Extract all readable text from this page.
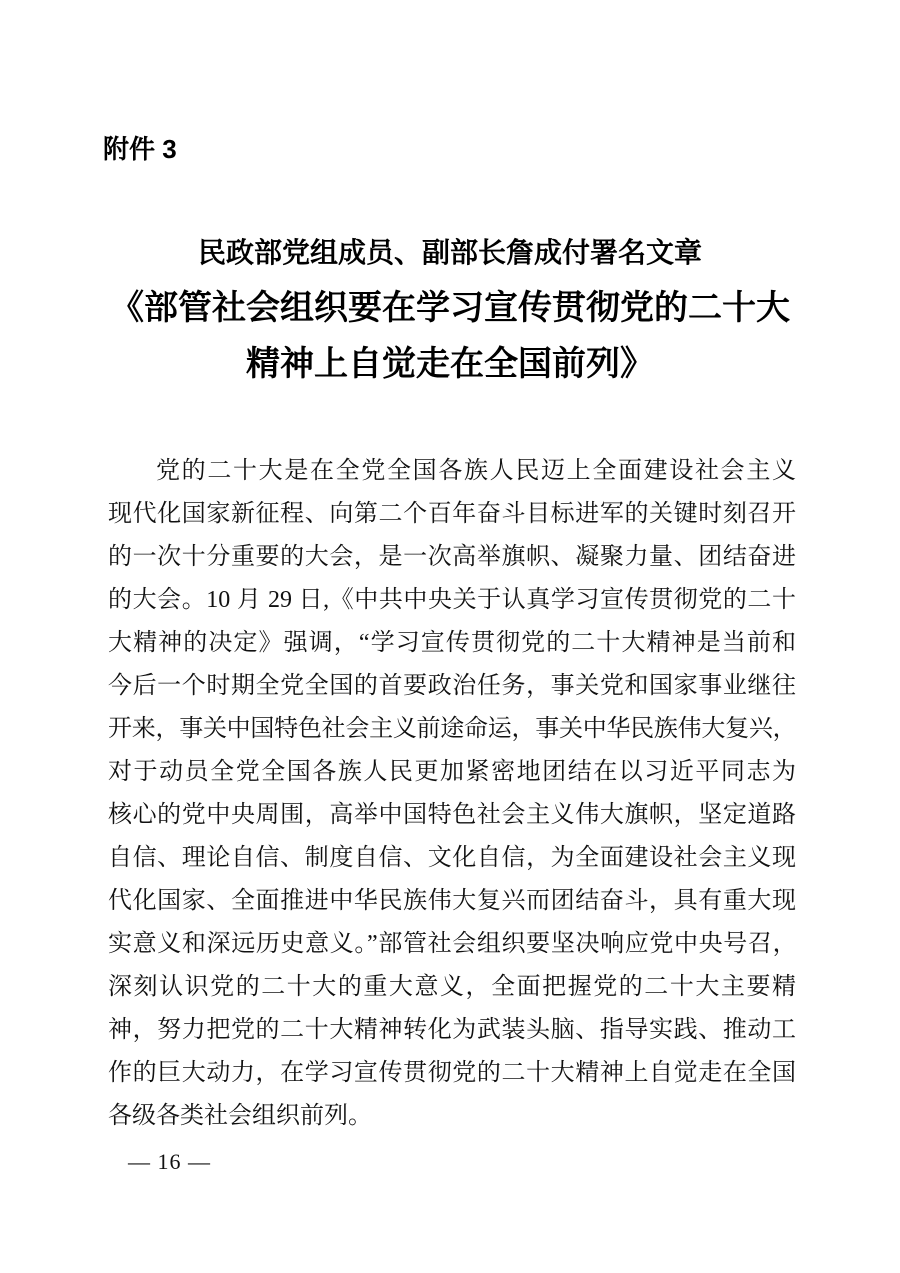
附件 3
民政部党组成员、副部长詹成付署名文章
《部管社会组织要在学习宣传贯彻党的二十大
精神上自觉走在全国前列》
党的二十大是在全党全国各族人民迈上全面建设社会主义
现代化国家新征程、向第二个百年奋斗目标进军的关键时刻召开
的一次十分重要的大会，是一次高举旗帜、凝聚力量、团结奋进
的大会。10 月 29 日,《中共中央关于认真学习宣传贯彻党的二十
大精神的决定》强调，“学习宣传贯彻党的二十大精神是当前和
今后一个时期全党全国的首要政治任务，事关党和国家事业继往
开来，事关中国特色社会主义前途命运，事关中华民族伟大复兴，
对于动员全党全国各族人民更加紧密地团结在以习近平同志为
核心的党中央周围，高举中国特色社会主义伟大旗帜，坚定道路
自信、理论自信、制度自信、文化自信，为全面建设社会主义现
代化国家、全面推进中华民族伟大复兴而团结奋斗，具有重大现
实意义和深远历史意义。”部管社会组织要坚决响应党中央号召，
深刻认识党的二十大的重大意义，全面把握党的二十大主要精
神，努力把党的二十大精神转化为武装头脑、指导实践、推动工
作的巨大动力，在学习宣传贯彻党的二十大精神上自觉走在全国
各级各类社会组织前列。
— 16 —
